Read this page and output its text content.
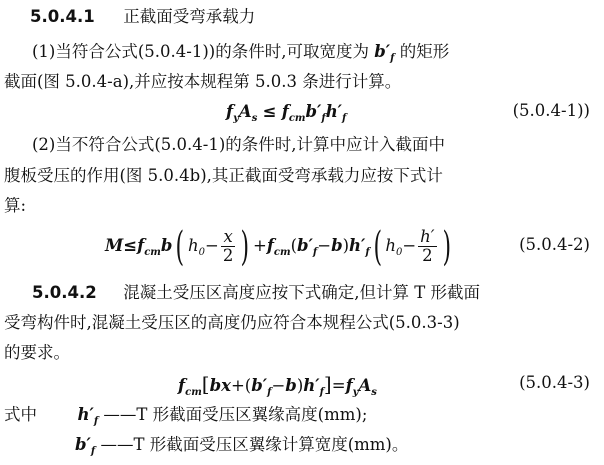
5.0.4.1 正截面受弯承载力
(1)当符合公式(5.0.4-1))的条件时,可取宽度为 $b'_f$ 的矩形
截面(图 5.0.4-a),并应按本规程第 5.0.3 条进行计算。
$f_yA_s \le f_{cm}b'_fh'_f$	(5.0.4-1))
(2)当不符合公式(5.0.4-1)的条件时,计算中应计入截面中
腹板受压的作用(图 5.0.4b),其正截面受弯承载力应按下式计
算:
$M\le f_{cm}b$( $h_0- \frac{x}{2}$ ) $+f_{cm}(b'_f-b)h'_f$( $h_0- \frac{h'}{2}$ )	(5.0.4-2)
5.0.4.2 混凝土受压区高度应按下式确定,但计算 T 形截面
受弯构件时,混凝土受压区的高度仍应符合本规程公式(5.0.3-3)
的要求。
$f_{cm}[bx+(b'_f-b)h'_f]=f_yA_s$
(5.0.4-3)
式中 $h'_f$ ——T 形截面受压区翼缘高度(mm);
$b'_f$ ——T 形截面受压区翼缘计算宽度(mm)。
